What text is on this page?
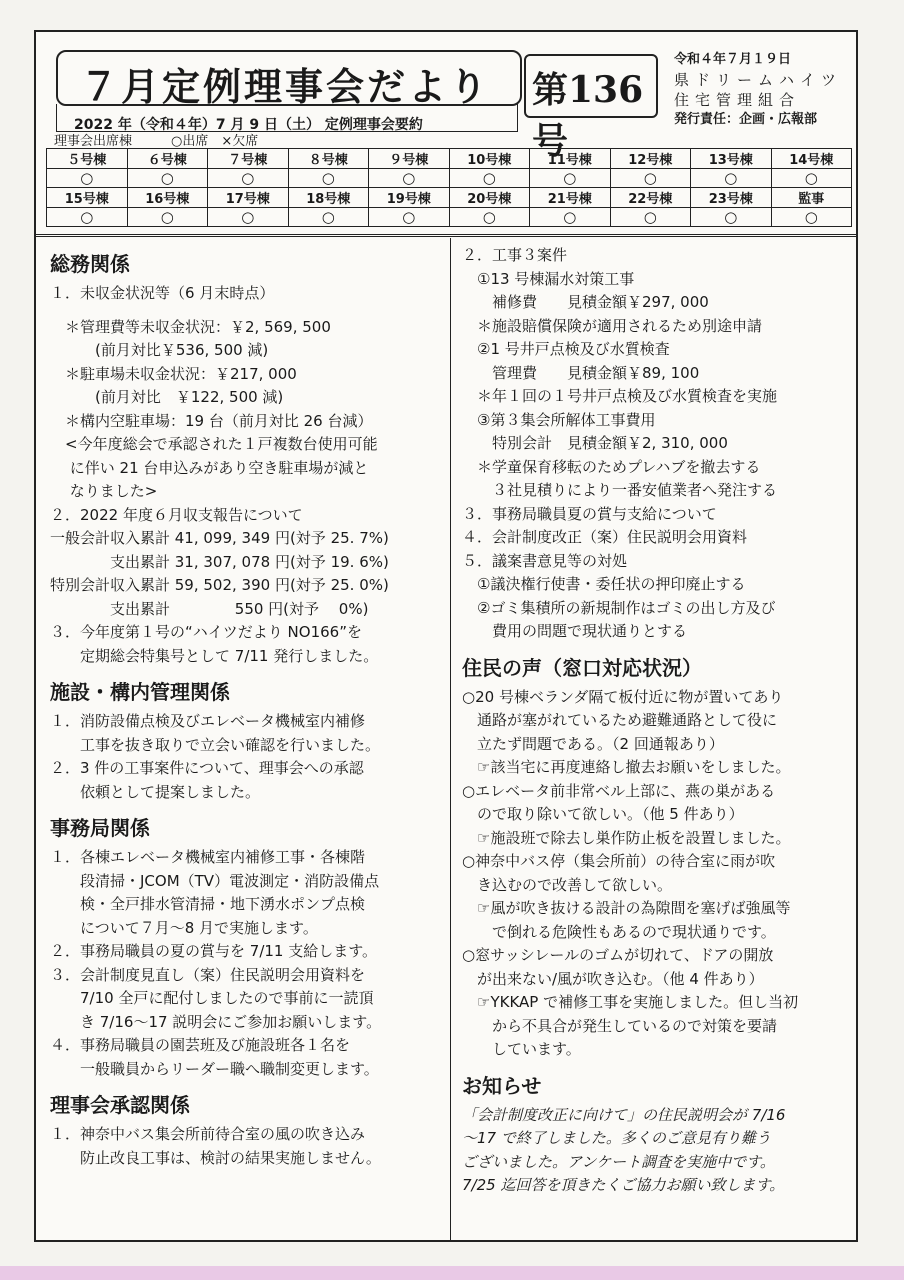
７月定例理事会だより
2022 年（令和４年）7 月 9 日（土） 定例理事会要約
第136号
令和４年７月１９日
県ドリームハイツ
住宅管理組合
発行責任：企画・広報部
理事会出席棟　　　○出席　×欠席
５号棟	６号棟	７号棟	８号棟	９号棟	10号棟	11号棟	12号棟	13号棟	14号棟
○	○	○	○	○	○	○	○	○	○
15号棟	16号棟	17号棟	18号棟	19号棟	20号棟	21号棟	22号棟	23号棟	監事
○	○	○	○	○	○	○	○	○	○
総務関係
１．未収金状況等（6 月末時点）
　＊管理費等未収金状況：￥2, 569, 500
　　　(前月対比￥536, 500 減)
　＊駐車場未収金状況：￥217, 000
　　　(前月対比　￥122, 500 減)
　＊構内空駐車場：19 台（前月対比 26 台減）
　<今年度総会で承認された１戸複数台使用可能
　 に伴い 21 台申込みがあり空き駐車場が減と
　 なりました>
２．2022 年度６月収支報告について
一般会計収入累計 41, 099, 349 円(対予 25. 7%)
　　　　支出累計 31, 307, 078 円(対予 19. 6%)
特別会計収入累計 59, 502, 390 円(対予 25. 0%)
　　　　支出累計　　　　 550 円(対予　 0%)
３．今年度第１号の“ハイツだより NO166”を
　　定期総会特集号として 7/11 発行しました。
施設・構内管理関係
１．消防設備点検及びエレベータ機械室内補修
　　工事を抜き取りで立会い確認を行いました。
２．3 件の工事案件について、理事会への承認
　　依頼として提案しました。
事務局関係
１．各棟エレベータ機械室内補修工事・各棟階
　　段清掃・JCOM（TV）電波測定・消防設備点
　　検・全戸排水管清掃・地下湧水ポンプ点検
　　について７月～8 月で実施します。
２．事務局職員の夏の賞与を 7/11 支給します。
３．会計制度見直し（案）住民説明会用資料を
　　7/10 全戸に配付しましたので事前に一読頂
　　き 7/16～17 説明会にご参加お願いします。
４．事務局職員の園芸班及び施設班各１名を
　　一般職員からリーダー職へ職制変更します。
理事会承認関係
１．神奈中バス集会所前待合室の風の吹き込み
　　防止改良工事は、検討の結果実施しません。
２．工事３案件
　①13 号棟漏水対策工事
　　補修費　　見積金額￥297, 000
　＊施設賠償保険が適用されるため別途申請
　②1 号井戸点検及び水質検査
　　管理費　　見積金額￥89, 100
　＊年１回の１号井戸点検及び水質検査を実施
　③第３集会所解体工事費用
　　特別会計　見積金額￥2, 310, 000
　＊学童保育移転のためプレハブを撤去する
　　３社見積りにより一番安値業者へ発注する
３．事務局職員夏の賞与支給について
４．会計制度改正（案）住民説明会用資料
５．議案書意見等の対処
　①議決権行使書・委任状の押印廃止する
　②ゴミ集積所の新規制作はゴミの出し方及び
　　費用の問題で現状通りとする
住民の声（窓口対応状況）
○20 号棟ベランダ隔て板付近に物が置いてあり
　通路が塞がれているため避難通路として役に
　立たず問題である。（2 回通報あり）
　☞該当宅に再度連絡し撤去お願いをしました。
○エレベータ前非常ベル上部に、燕の巣がある
　ので取り除いて欲しい。（他 5 件あり）
　☞施設班で除去し巣作防止板を設置しました。
○神奈中バス停（集会所前）の待合室に雨が吹
　き込むので改善して欲しい。
　☞風が吹き抜ける設計の為隙間を塞げば強風等
　　で倒れる危険性もあるので現状通りです。
○窓サッシレールのゴムが切れて、ドアの開放
　が出来ない/風が吹き込む。（他 4 件あり）
　☞YKKAP で補修工事を実施しました。但し当初
　　から不具合が発生しているので対策を要請
　　しています。
お知らせ
「会計制度改正に向けて」の住民説明会が 7/16
～17 で終了しました。多くのご意見有り難う
ございました。アンケート調査を実施中です。
7/25 迄回答を頂きたくご協力お願い致します。
